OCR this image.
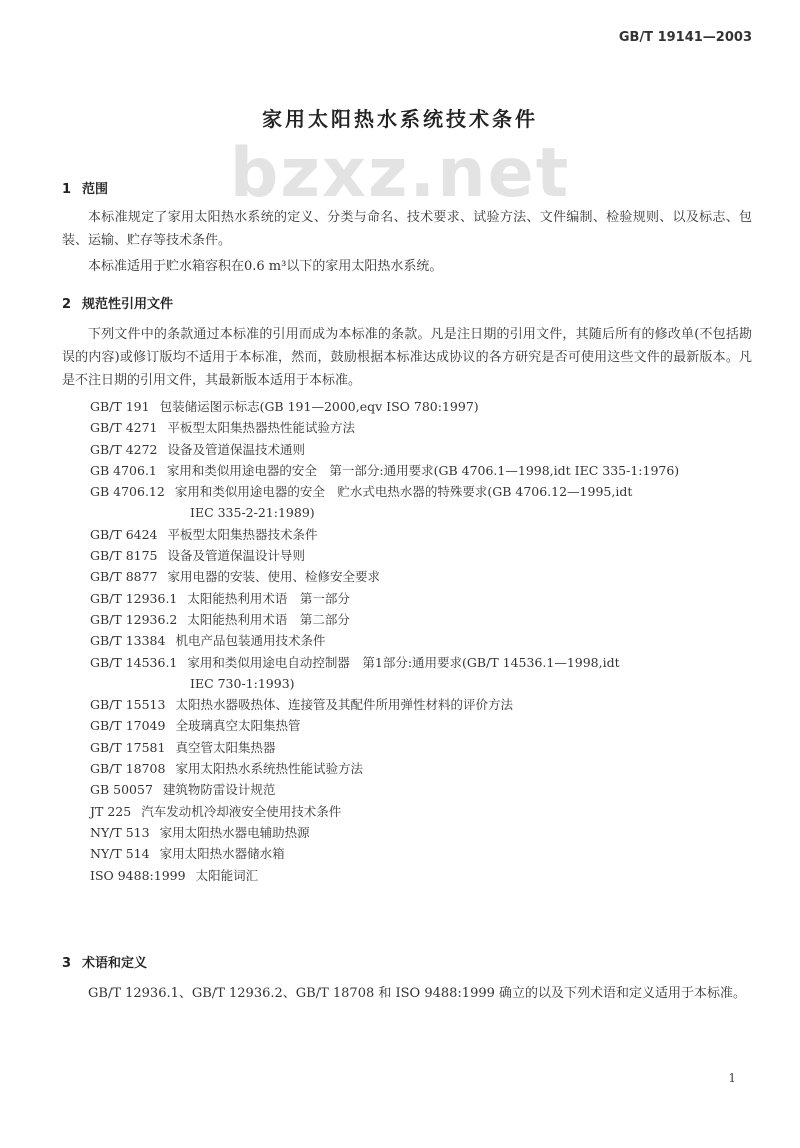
GB/T 19141—2003
家用太阳热水系统技术条件
bzxz.net
1 范围
本标准规定了家用太阳热水系统的定义、分类与命名、技术要求、试验方法、文件编制、检验规则、以及标志、包装、运输、贮存等技术条件。
本标准适用于贮水箱容积在0.6 m³以下的家用太阳热水系统。
2 规范性引用文件
下列文件中的条款通过本标准的引用而成为本标准的条款。凡是注日期的引用文件，其随后所有的修改单(不包括勘误的内容)或修订版均不适用于本标准，然而，鼓励根据本标准达成协议的各方研究是否可使用这些文件的最新版本。凡是不注日期的引用文件，其最新版本适用于本标准。
GB/T 191 包装储运图示标志(GB 191—2000,eqv ISO 780:1997)
GB/T 4271 平板型太阳集热器热性能试验方法
GB/T 4272 设备及管道保温技术通则
GB 4706.1 家用和类似用途电器的安全　第一部分:通用要求(GB 4706.1—1998,idt IEC 335-1:1976)
GB 4706.12 家用和类似用途电器的安全　贮水式电热水器的特殊要求(GB 4706.12—1995,idt
IEC 335-2-21:1989)
GB/T 6424 平板型太阳集热器技术条件
GB/T 8175 设备及管道保温设计导则
GB/T 8877 家用电器的安装、使用、检修安全要求
GB/T 12936.1 太阳能热利用术语　第一部分
GB/T 12936.2 太阳能热利用术语　第二部分
GB/T 13384 机电产品包装通用技术条件
GB/T 14536.1 家用和类似用途电自动控制器　第1部分:通用要求(GB/T 14536.1—1998,idt
IEC 730-1:1993)
GB/T 15513 太阳热水器吸热体、连接管及其配件所用弹性材料的评价方法
GB/T 17049 全玻璃真空太阳集热管
GB/T 17581 真空管太阳集热器
GB/T 18708 家用太阳热水系统热性能试验方法
GB 50057 建筑物防雷设计规范
JT 225 汽车发动机冷却液安全使用技术条件
NY/T 513 家用太阳热水器电辅助热源
NY/T 514 家用太阳热水器储水箱
ISO 9488:1999 太阳能词汇
3 术语和定义
GB/T 12936.1、GB/T 12936.2、GB/T 18708 和 ISO 9488:1999 确立的以及下列术语和定义适用于本标准。
1
